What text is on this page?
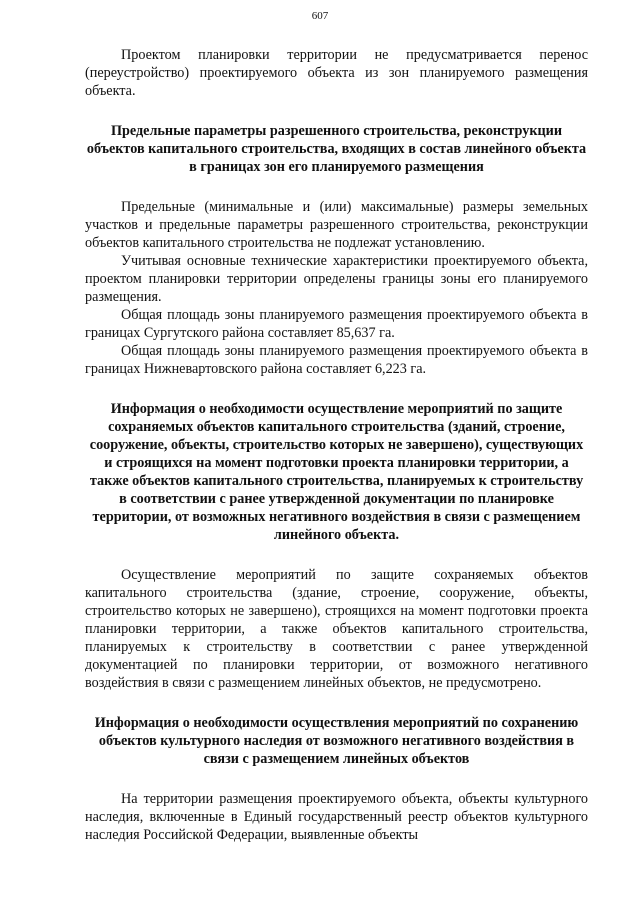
607

Проектом планировки территории не предусматривается перенос (переустройство) проектируемого объекта из зон планируемого размещения объекта.

Предельные параметры разрешенного строительства, реконструкции объектов капитального строительства, входящих в состав линейного объекта в границах зон его планируемого размещения

Предельные (минимальные и (или) максимальные) размеры земельных участков и предельные параметры разрешенного строительства, реконструкции объектов капитального строительства не подлежат установлению.

Учитывая основные технические характеристики проектируемого объекта, проектом планировки территории определены границы зоны его планируемого размещения.

Общая площадь зоны планируемого размещения проектируемого объекта в границах Сургутского района составляет 85,637 га.

Общая площадь зоны планируемого размещения проектируемого объекта в границах Нижневартовского района составляет 6,223 га.

Информация о необходимости осуществление мероприятий по защите сохраняемых объектов капитального строительства (зданий, строение, сооружение, объекты, строительство которых не завершено), существующих и строящихся на момент подготовки проекта планировки территории, а также объектов капитального строительства, планируемых к строительству в соответствии с ранее утвержденной документации по планировке территории, от возможных негативного воздействия в связи с размещением линейного объекта.

Осуществление мероприятий по защите сохраняемых объектов капитального строительства (здание, строение, сооружение, объекты, строительство которых не завершено), строящихся на момент подготовки проекта планировки территории, а также объектов капитального строительства, планируемых к строительству в соответствии с ранее утвержденной документацией по планировки территории, от возможного негативного воздействия в связи с размещением линейных объектов, не предусмотрено.

Информация о необходимости осуществления мероприятий по сохранению объектов культурного наследия от возможного негативного воздействия в связи с размещением линейных объектов

На территории размещения проектируемого объекта, объекты культурного наследия, включенные в Единый государственный реестр объектов культурного наследия Российской Федерации, выявленные объекты
